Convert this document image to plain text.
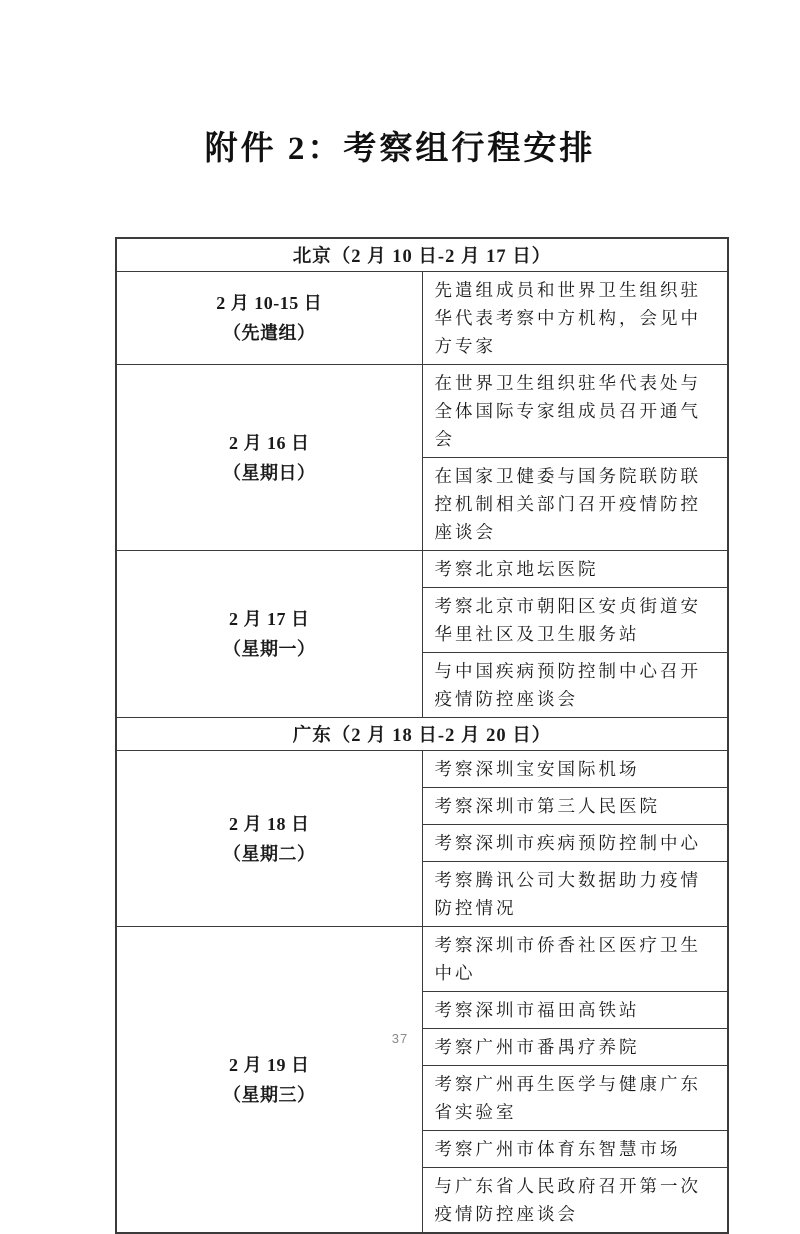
附件 2：考察组行程安排
北京（2 月 10 日-2 月 17 日）	

2 月 10-15 日
（先遣组）	先遣组成员和世界卫生组织驻华代表考察中方机构，会见中方专家

2 月 16 日
（星期日）	在世界卫生组织驻华代表处与全体国际专家组成员召开通气会
	在国家卫健委与国务院联防联控机制相关部门召开疫情防控座谈会

2 月 17 日
（星期一）	考察北京地坛医院
	考察北京市朝阳区安贞街道安华里社区及卫生服务站
	与中国疾病预防控制中心召开疫情防控座谈会
广东（2 月 18 日-2 月 20 日）	

2 月 18 日
（星期二）	考察深圳宝安国际机场
	考察深圳市第三人民医院
	考察深圳市疾病预防控制中心
	考察腾讯公司大数据助力疫情防控情况

2 月 19 日
（星期三）	考察深圳市侨香社区医疗卫生中心
	考察深圳市福田高铁站
	考察广州市番禺疗养院
	考察广州再生医学与健康广东省实验室
	考察广州市体育东智慧市场
	与广东省人民政府召开第一次疫情防控座谈会
37
